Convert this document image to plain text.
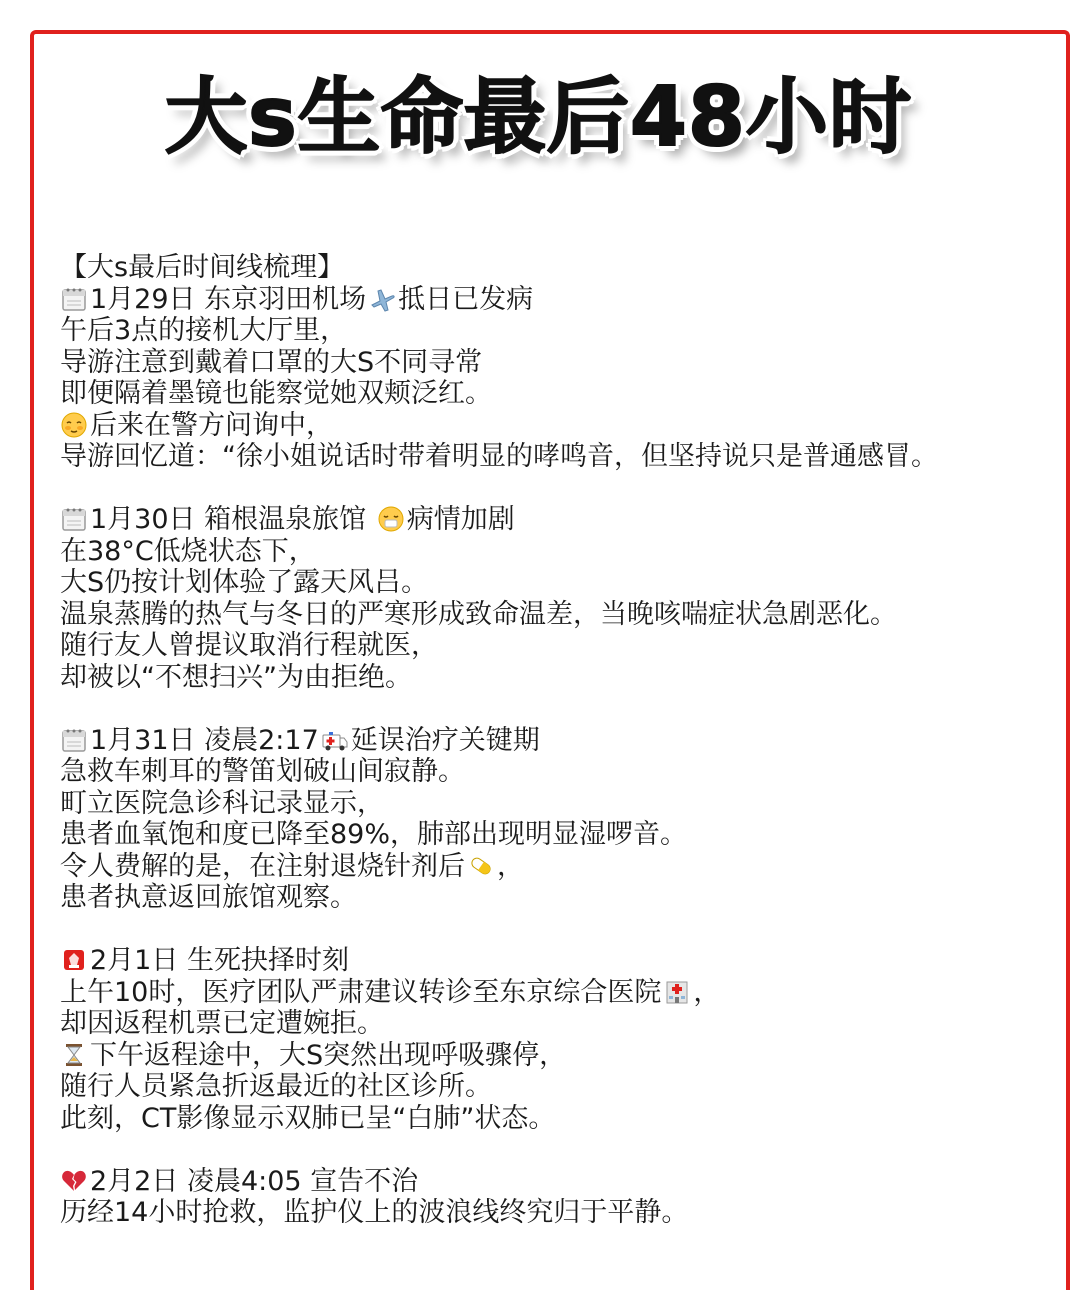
大s生命最后48小时
【大s最后时间线梳理】
1月29日 东京羽田机场 抵日已发病
午后3点的接机大厅里，
导游注意到戴着口罩的大S不同寻常
即便隔着墨镜也能察觉她双颊泛红。
后来在警方问询中，
导游回忆道：“徐小姐说话时带着明显的哮鸣音，但坚持说只是普通感冒。
1月30日 箱根温泉旅馆 病情加剧
在38°C低烧状态下，
大S仍按计划体验了露天风吕。
温泉蒸腾的热气与冬日的严寒形成致命温差，当晚咳喘症状急剧恶化。
随行友人曾提议取消行程就医，
却被以“不想扫兴”为由拒绝。
1月31日 凌晨2:17 延误治疗关键期
急救车刺耳的警笛划破山间寂静。
町立医院急诊科记录显示，
患者血氧饱和度已降至89%，肺部出现明显湿啰音。
令人费解的是，在注射退烧针剂后 ，
患者执意返回旅馆观察。
2月1日 生死抉择时刻
上午10时，医疗团队严肃建议转诊至东京综合医院 ，
却因返程机票已定遭婉拒。
下午返程途中，大S突然出现呼吸骤停，
随行人员紧急折返最近的社区诊所。
此刻，CT影像显示双肺已呈“白肺”状态。
2月2日 凌晨4:05 宣告不治
历经14小时抢救，监护仪上的波浪线终究归于平静。
